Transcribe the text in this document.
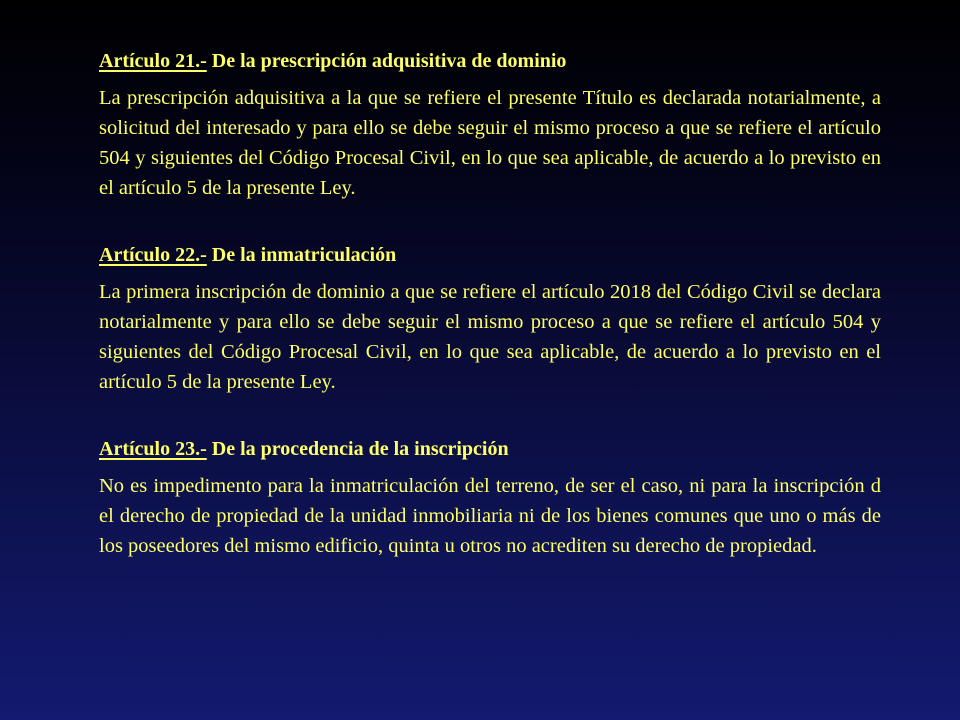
Artículo 21.- De la prescripción adquisitiva de dominio

La prescripción adquisitiva a la que se refiere el presente Título es declarada notarialmente, a solicitud del interesado y para ello se debe seguir el mismo proceso a que se refiere el artículo 504 y siguientes del Código Procesal Civil, en lo que sea aplicable, de acuerdo a lo previsto en el artículo 5 de la presente Ley.

Artículo 22.- De la inmatriculación

La primera inscripción de dominio a que se refiere el artículo 2018 del Código Civil se declara notarialmente y para ello se debe seguir el mismo proceso a que se refiere el artículo 504 y siguientes del Código Procesal Civil, en lo que sea aplicable, de acuerdo a lo previsto en el artículo 5 de la presente Ley.

Artículo 23.- De la procedencia de la inscripción

No es impedimento para la inmatriculación del terreno, de ser el caso, ni para la inscripción d el derecho de propiedad de la unidad inmobiliaria ni de los bienes comunes que uno o más de los poseedores del mismo edificio, quinta u otros no acrediten su derecho de propiedad.
